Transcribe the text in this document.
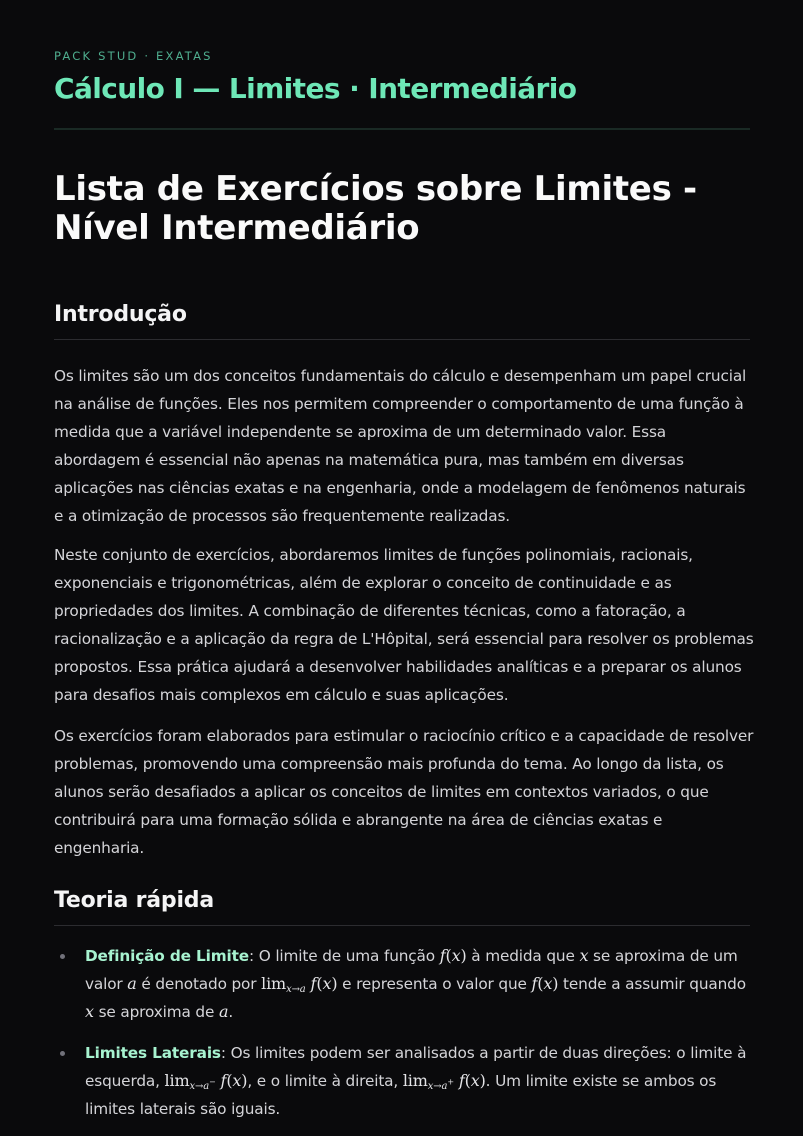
PACK STUD · EXATAS
Cálculo I — Limites · Intermediário
Lista de Exercícios sobre Limites - Nível Intermediário
Introdução

Os limites são um dos conceitos fundamentais do cálculo e desempenham um papel crucial na análise de funções. Eles nos permitem compreender o comportamento de uma função à medida que a variável independente se aproxima de um determinado valor. Essa abordagem é essencial não apenas na matemática pura, mas também em diversas aplicações nas ciências exatas e na engenharia, onde a modelagem de fenômenos naturais e a otimização de processos são frequentemente realizadas.

Neste conjunto de exercícios, abordaremos limites de funções polinomiais, racionais, exponenciais e trigonométricas, além de explorar o conceito de continuidade e as propriedades dos limites. A combinação de diferentes técnicas, como a fatoração, a racionalização e a aplicação da regra de L'Hôpital, será essencial para resolver os problemas propostos. Essa prática ajudará a desenvolver habilidades analíticas e a preparar os alunos para desafios mais complexos em cálculo e suas aplicações.

Os exercícios foram elaborados para estimular o raciocínio crítico e a capacidade de resolver problemas, promovendo uma compreensão mais profunda do tema. Ao longo da lista, os alunos serão desafiados a aplicar os conceitos de limites em contextos variados, o que contribuirá para uma formação sólida e abrangente na área de ciências exatas e engenharia.

Teoria rápida
Definição de Limite: O limite de uma função f(x) à medida que x se aproxima de um valor a é denotado por $\lim_{x\to a} f(x)$ e representa o valor que f(x) tende a assumir quando x se aproxima de a.
Limites Laterais: Os limites podem ser analisados a partir de duas direções: o limite à esquerda, $\lim_{x\to a^-} f(x)$, e o limite à direita, $\lim_{x\to a^+} f(x)$. Um limite existe se ambos os limites laterais são iguais.
